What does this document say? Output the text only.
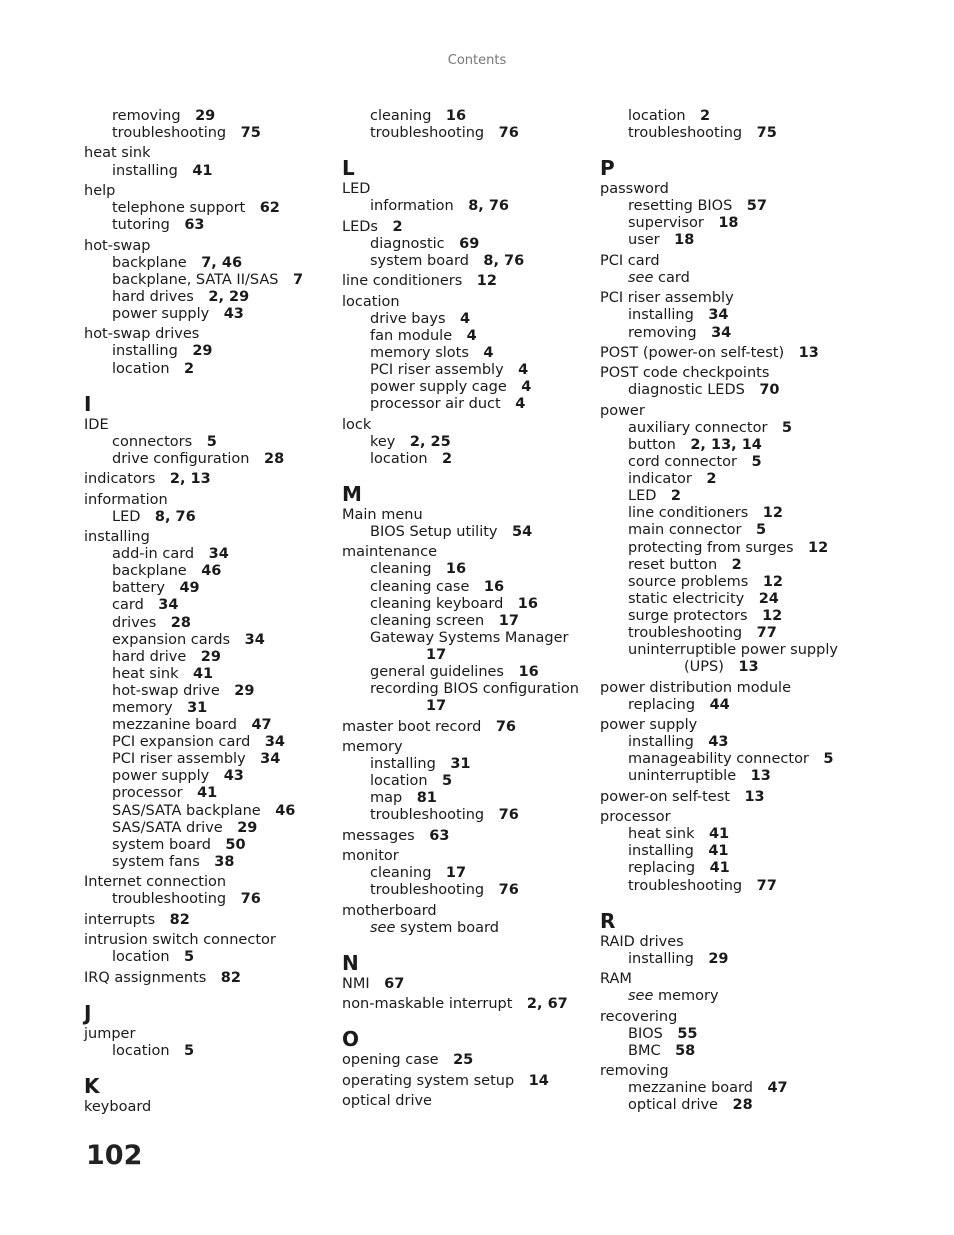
Contents
removing  29
troubleshooting  75
heat sink
installing  41
help
telephone support  62
tutoring  63
hot-swap
backplane  7, 46
backplane, SATA II/SAS  7
hard drives  2, 29
power supply  43
hot-swap drives
installing  29
location  2
I
IDE
connectors  5
drive configuration  28
indicators  2, 13
information
LED  8, 76
installing
add-in card  34
backplane  46
battery  49
card  34
drives  28
expansion cards  34
hard drive  29
heat sink  41
hot-swap drive  29
memory  31
mezzanine board  47
PCI expansion card  34
PCI riser assembly  34
power supply  43
processor  41
SAS/SATA backplane  46
SAS/SATA drive  29
system board  50
system fans  38
Internet connection
troubleshooting  76
interrupts  82
intrusion switch connector
location  5
IRQ assignments  82
J
jumper
location  5
K
keyboard
cleaning  16
troubleshooting  76
L
LED
information  8, 76
LEDs  2
diagnostic  69
system board  8, 76
line conditioners  12
location
drive bays  4
fan module  4
memory slots  4
PCI riser assembly  4
power supply cage  4
processor air duct  4
lock
key  2, 25
location  2
M
Main menu
BIOS Setup utility  54
maintenance
cleaning  16
cleaning case  16
cleaning keyboard  16
cleaning screen  17
Gateway Systems Manager
17
general guidelines  16
recording BIOS configuration
17
master boot record  76
memory
installing  31
location  5
map  81
troubleshooting  76
messages  63
monitor
cleaning  17
troubleshooting  76
motherboard
see system board
N
NMI  67
non-maskable interrupt  2, 67
O
opening case  25
operating system setup  14
optical drive
location  2
troubleshooting  75
P
password
resetting BIOS  57
supervisor  18
user  18
PCI card
see card
PCI riser assembly
installing  34
removing  34
POST (power-on self-test)  13
POST code checkpoints
diagnostic LEDS  70
power
auxiliary connector  5
button  2, 13, 14
cord connector  5
indicator  2
LED  2
line conditioners  12
main connector  5
protecting from surges  12
reset button  2
source problems  12
static electricity  24
surge protectors  12
troubleshooting  77
uninterruptible power supply
(UPS)  13
power distribution module
replacing  44
power supply
installing  43
manageability connector  5
uninterruptible  13
power-on self-test  13
processor
heat sink  41
installing  41
replacing  41
troubleshooting  77
R
RAID drives
installing  29
RAM
see memory
recovering
BIOS  55
BMC  58
removing
mezzanine board  47
optical drive  28
102
